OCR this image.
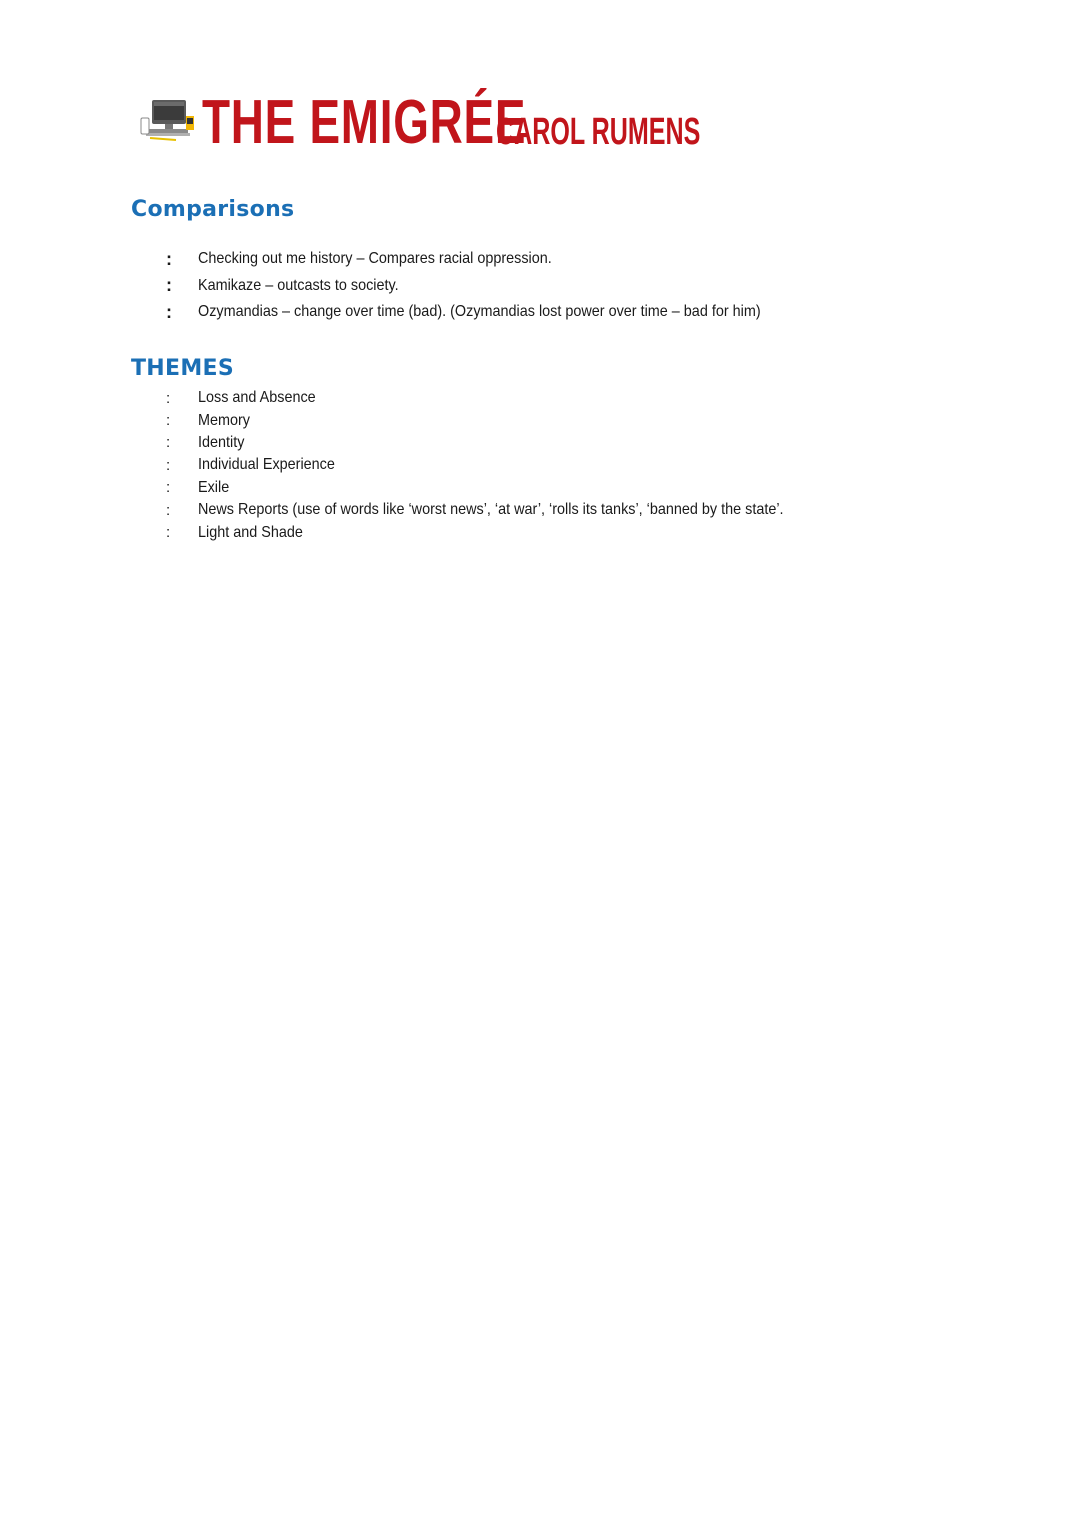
THE EMIGRÉE
CAROL RUMENS
Comparisons
:	Checking out me history – Compares racial oppression.
:	Kamikaze – outcasts to society.
:	Ozymandias – change over time (bad). (Ozymandias lost power over time – bad for him)
THEMES
:	Loss and Absence
:	Memory
:	Identity
:	Individual Experience
:	Exile
:	News Reports (use of words like ‘worst news’, ‘at war’, ‘rolls its tanks’, ‘banned by the state’.
:	Light and Shade
